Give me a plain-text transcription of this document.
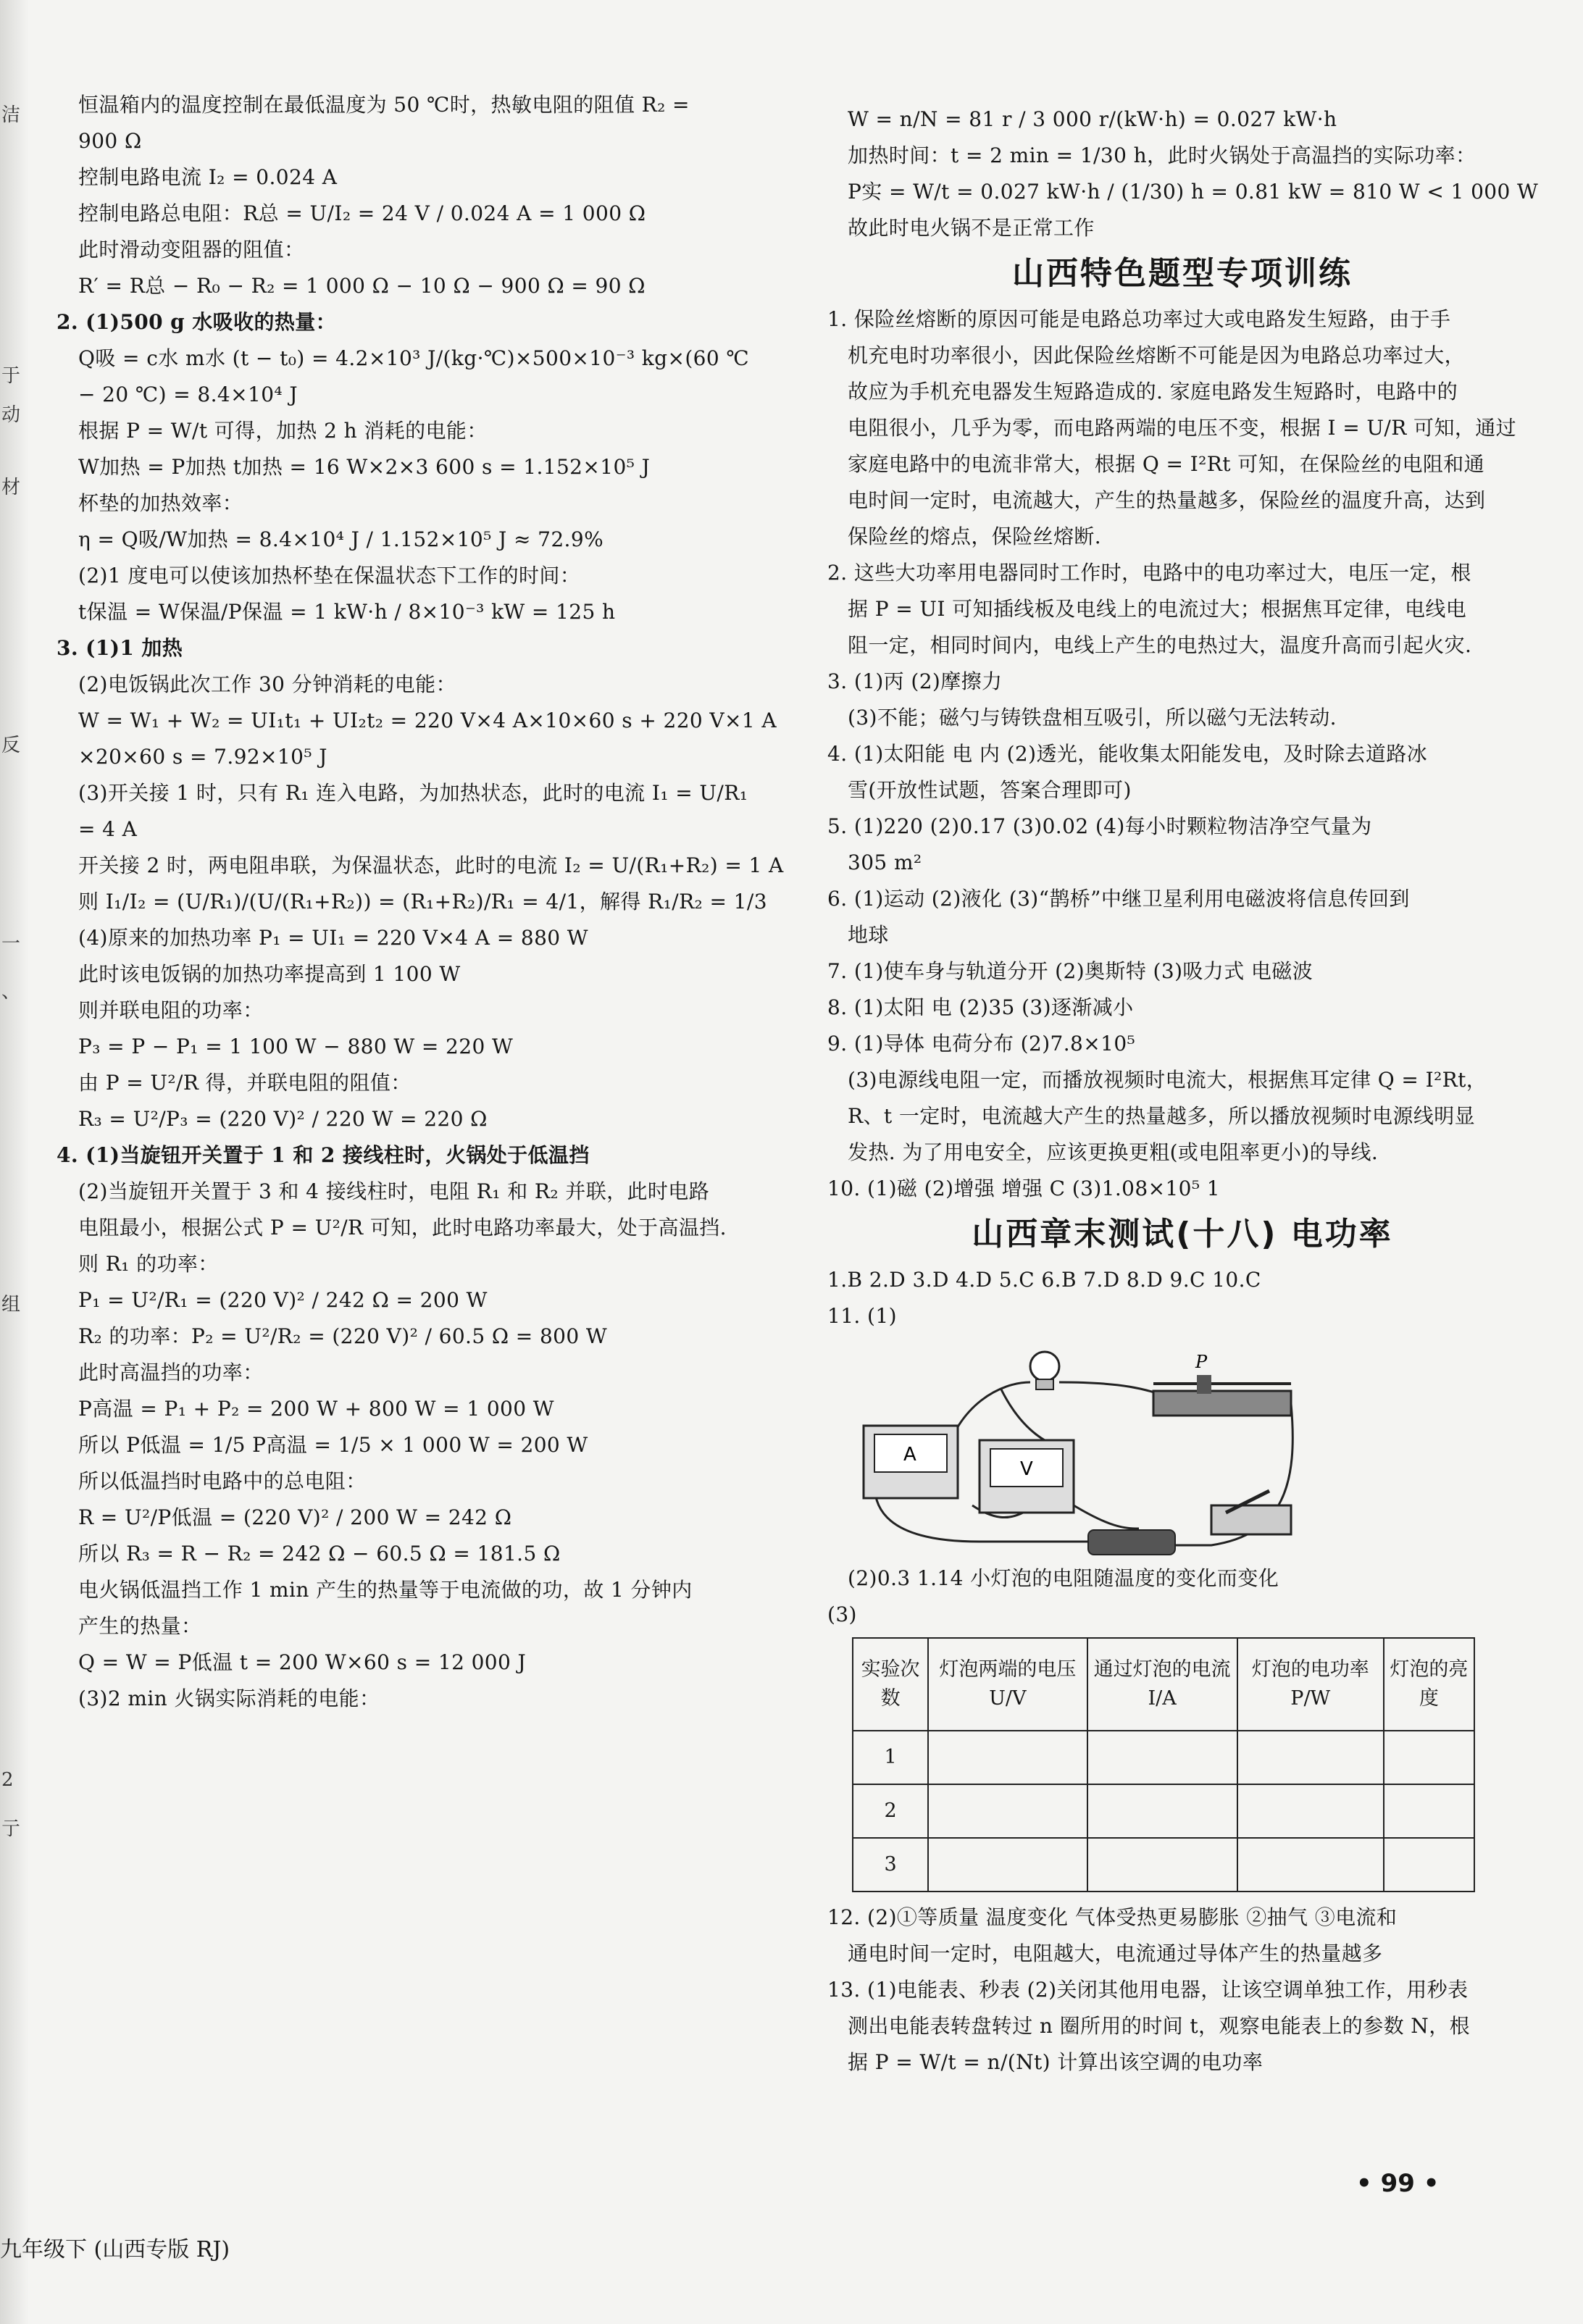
洁
于
动
材
反
一
、
组
2
亍
恒温箱内的温度控制在最低温度为 50 ℃时，热敏电阻的阻值 R₂ =
900 Ω
控制电路电流 I₂ = 0.024 A
控制电路总电阻：R总 = U/I₂ = 24 V / 0.024 A = 1 000 Ω
此时滑动变阻器的阻值：
R′ = R总 − R₀ − R₂ = 1 000 Ω − 10 Ω − 900 Ω = 90 Ω
2. (1)500 g 水吸收的热量：
Q吸 = c水 m水 (t − t₀) = 4.2×10³ J/(kg·℃)×500×10⁻³ kg×(60 ℃
− 20 ℃) = 8.4×10⁴ J
根据 P = W/t 可得，加热 2 h 消耗的电能：
W加热 = P加热 t加热 = 16 W×2×3 600 s = 1.152×10⁵ J
杯垫的加热效率：
η = Q吸/W加热 = 8.4×10⁴ J / 1.152×10⁵ J ≈ 72.9%
(2)1 度电可以使该加热杯垫在保温状态下工作的时间：
t保温 = W保温/P保温 = 1 kW·h / 8×10⁻³ kW = 125 h
3. (1)1 加热
(2)电饭锅此次工作 30 分钟消耗的电能：
W = W₁ + W₂ = UI₁t₁ + UI₂t₂ = 220 V×4 A×10×60 s + 220 V×1 A
×20×60 s = 7.92×10⁵ J
(3)开关接 1 时，只有 R₁ 连入电路，为加热状态，此时的电流 I₁ = U/R₁
= 4 A
开关接 2 时，两电阻串联，为保温状态，此时的电流 I₂ = U/(R₁+R₂) = 1 A
则 I₁/I₂ = (U/R₁)/(U/(R₁+R₂)) = (R₁+R₂)/R₁ = 4/1，解得 R₁/R₂ = 1/3
(4)原来的加热功率 P₁ = UI₁ = 220 V×4 A = 880 W
此时该电饭锅的加热功率提高到 1 100 W
则并联电阻的功率：
P₃ = P − P₁ = 1 100 W − 880 W = 220 W
由 P = U²/R 得，并联电阻的阻值：
R₃ = U²/P₃ = (220 V)² / 220 W = 220 Ω
4. (1)当旋钮开关置于 1 和 2 接线柱时，火锅处于低温挡
(2)当旋钮开关置于 3 和 4 接线柱时，电阻 R₁ 和 R₂ 并联，此时电路
电阻最小，根据公式 P = U²/R 可知，此时电路功率最大，处于高温挡.
则 R₁ 的功率：
P₁ = U²/R₁ = (220 V)² / 242 Ω = 200 W
R₂ 的功率：P₂ = U²/R₂ = (220 V)² / 60.5 Ω = 800 W
此时高温挡的功率：
P高温 = P₁ + P₂ = 200 W + 800 W = 1 000 W
所以 P低温 = 1/5 P高温 = 1/5 × 1 000 W = 200 W
所以低温挡时电路中的总电阻：
R = U²/P低温 = (220 V)² / 200 W = 242 Ω
所以 R₃ = R − R₂ = 242 Ω − 60.5 Ω = 181.5 Ω
电火锅低温挡工作 1 min 产生的热量等于电流做的功，故 1 分钟内
产生的热量：
Q = W = P低温 t = 200 W×60 s = 12 000 J
(3)2 min 火锅实际消耗的电能：
W = n/N = 81 r / 3 000 r/(kW·h) = 0.027 kW·h
加热时间：t = 2 min = 1/30 h，此时火锅处于高温挡的实际功率：
P实 = W/t = 0.027 kW·h / (1/30) h = 0.81 kW = 810 W < 1 000 W
故此时电火锅不是正常工作
山西特色题型专项训练
1. 保险丝熔断的原因可能是电路总功率过大或电路发生短路，由于手
机充电时功率很小，因此保险丝熔断不可能是因为电路总功率过大，
故应为手机充电器发生短路造成的. 家庭电路发生短路时，电路中的
电阻很小，几乎为零，而电路两端的电压不变，根据 I = U/R 可知，通过
家庭电路中的电流非常大，根据 Q = I²Rt 可知，在保险丝的电阻和通
电时间一定时，电流越大，产生的热量越多，保险丝的温度升高，达到
保险丝的熔点，保险丝熔断.
2. 这些大功率用电器同时工作时，电路中的电功率过大，电压一定，根
据 P = UI 可知插线板及电线上的电流过大；根据焦耳定律，电线电
阻一定，相同时间内，电线上产生的电热过大，温度升高而引起火灾.
3. (1)丙 (2)摩擦力
(3)不能；磁勺与铸铁盘相互吸引，所以磁勺无法转动.
4. (1)太阳能 电 内 (2)透光，能收集太阳能发电，及时除去道路冰
雪(开放性试题，答案合理即可)
5. (1)220 (2)0.17 (3)0.02 (4)每小时颗粒物洁净空气量为
305 m²
6. (1)运动 (2)液化 (3)“鹊桥”中继卫星利用电磁波将信息传回到
地球
7. (1)使车身与轨道分开 (2)奥斯特 (3)吸力式 电磁波
8. (1)太阳 电 (2)35 (3)逐渐减小
9. (1)导体 电荷分布 (2)7.8×10⁵
(3)电源线电阻一定，而播放视频时电流大，根据焦耳定律 Q = I²Rt，
R、t 一定时，电流越大产生的热量越多，所以播放视频时电源线明显
发热. 为了用电安全，应该更换更粗(或电阻率更小)的导线.
10. (1)磁 (2)增强 增强 C (3)1.08×10⁵ 1
山西章末测试(十八) 电功率
1.B 2.D 3.D 4.D 5.C 6.B 7.D 8.D 9.C 10.C
11. (1)
A
V
P
(2)0.3 1.14 小灯泡的电阻随温度的变化而变化
(3)
实验次数	灯泡两端的电压 U/V	通过灯泡的电流 I/A	灯泡的电功率 P/W	灯泡的亮度
1				
2				
3				
12. (2)①等质量 温度变化 气体受热更易膨胀 ②抽气 ③电流和
通电时间一定时，电阻越大，电流通过导体产生的热量越多
13. (1)电能表、秒表 (2)关闭其他用电器，让该空调单独工作，用秒表
测出电能表转盘转过 n 圈所用的时间 t，观察电能表上的参数 N，根
据 P = W/t = n/(Nt) 计算出该空调的电功率
九年级下 (山西专版 RJ)
• 99 •
